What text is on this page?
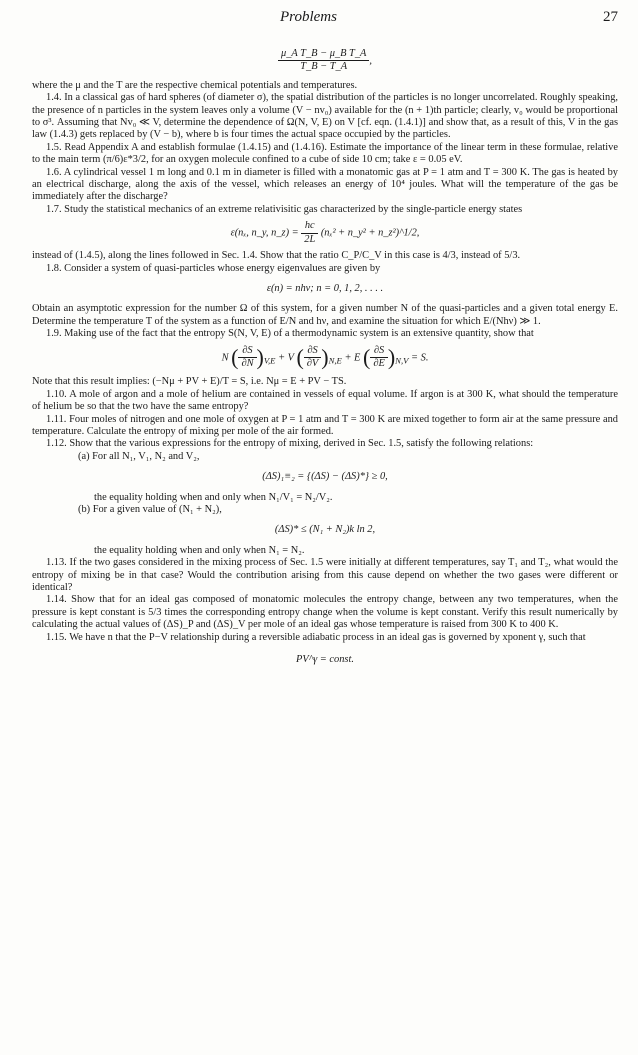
Problems	27

$\frac{\text{μ\_A T\_B − μ\_B T\_A}}{T\_B - T\_A}$ ,

where the μ and the T are the respective chemical potentials and temperatures.

1.4. In a classical gas of hard spheres (of diameter σ), the spatial distribution of the particles is no longer uncorrelated. Roughly speaking, the presence of n particles in the system leaves only a volume (V − nv₀) available for the (n + 1)th particle; clearly, v₀ would be proportional to σ³. Assuming that Nv₀ ≪ V, determine the dependence of Ω(N, V, E) on V [cf. eqn. (1.4.1)] and show that, as a result of this, V in the gas law (1.4.3) gets replaced by (V − b), where b is four times the actual space occupied by the particles.

1.5. Read Appendix A and establish formulae (1.4.15) and (1.4.16). Estimate the importance of the linear term in these formulae, relative to the main term (π/6)ε*3/2, for an oxygen molecule confined to a cube of side 10 cm; take ε = 0.05 eV.

1.6. A cylindrical vessel 1 m long and 0.1 m in diameter is filled with a monatomic gas at P = 1 atm and T = 300 K. The gas is heated by an electrical discharge, along the axis of the vessel, which releases an energy of 10⁴ joules. What will the temperature of the gas be immediately after the discharge?

1.7. Study the statistical mechanics of an extreme relativisitic gas characterized by the single-particle energy states

ε(nₓ, n_y, n_z) = $\frac{hc}{2L} (n_x^2$ + n_y² + n_z²)^1/2,

instead of (1.4.5), along the lines followed in Sec. 1.4. Show that the ratio C_P/C_V in this case is 4/3, instead of 5/3.

1.8. Consider a system of quasi-particles whose energy eigenvalues are given by

ε(n) = nhν; n = 0, 1, 2, . . . .

Obtain an asymptotic expression for the number Ω of this system, for a given number N of the quasi-particles and a given total energy E. Determine the temperature T of the system as a function of E/N and hν, and examine the situation for which E/(Nhν) ≫ 1.

1.9. Making use of the fact that the entropy S(N, V, E) of a thermodynamic system is an extensive quantity, show that

N ( $\frac{\partial S}{\partial N} )_{V,E} + V$ ( $\frac{\partial S}{\partial V} )_{N,E} + E$ ( $\frac{\partial S}{\partial E} )_{N,V} = S$.

Note that this result implies: (−Nμ + PV + E)/T = S, i.e. Nμ = E + PV − TS.

1.10. A mole of argon and a mole of helium are contained in vessels of equal volume. If argon is at 300 K, what should the temperature of helium be so that the two have the same entropy?

1.11. Four moles of nitrogen and one mole of oxygen at P = 1 atm and T = 300 K are mixed together to form air at the same pressure and temperature. Calculate the entropy of mixing per mole of the air formed.

1.12. Show that the various expressions for the entropy of mixing, derived in Sec. 1.5, satisfy the following relations:

(a) For all N₁, V₁, N₂ and V₂,

(ΔS)₁≡₂ = {(ΔS) − (ΔS)*} ≥ 0,

the equality holding when and only when N₁/V₁ = N₂/V₂.

(b) For a given value of (N₁ + N₂),

(ΔS)* ≤ (N₁ + N₂)k ln 2,

the equality holding when and only when N₁ = N₂.

1.13. If the two gases considered in the mixing process of Sec. 1.5 were initially at different temperatures, say T₁ and T₂, what would the entropy of mixing be in that case? Would the contribution arising from this cause depend on whether the two gases were different or identical?

1.14. Show that for an ideal gas composed of monatomic molecules the entropy change, between any two temperatures, when the pressure is kept constant is 5/3 times the corresponding entropy change when the volume is kept constant. Verify this result numerically by calculating the actual values of (ΔS)_P and (ΔS)_V per mole of an ideal gas whose temperature is raised from 300 K to 400 K.

1.15. We have n that the P−V relationship during a reversible adiabatic process in an ideal gas is governed by xponent γ, such that

PV^γ = const.
